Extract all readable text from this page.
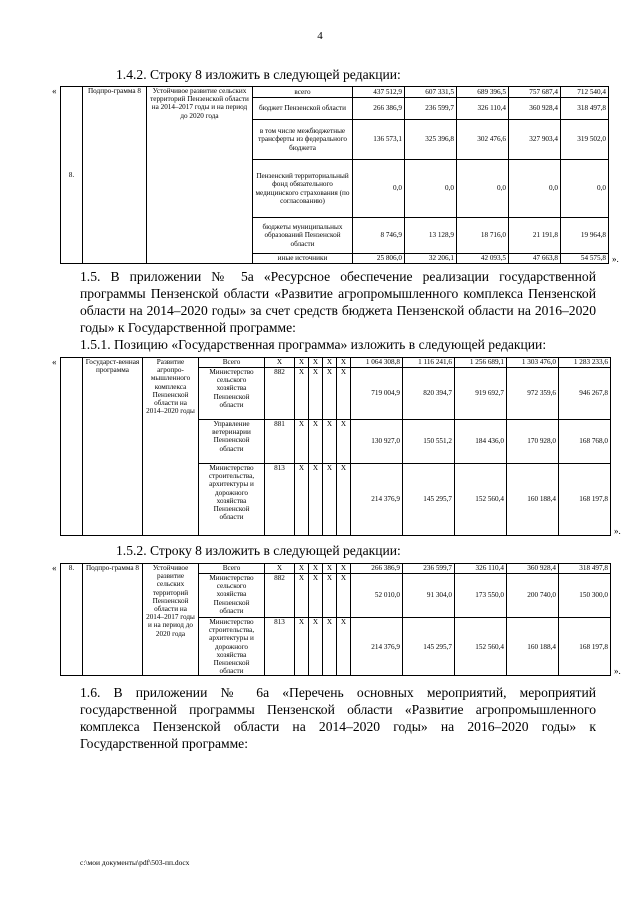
4
1.4.2. Строку 8 изложить в следующей редакции:
«
8.	Подпро-грамма 8	Устойчивое развитие сельских территорий Пензенской области на 2014–2017 годы и на период до 2020 года	всего	437 512,9	607 331,5	689 396,5	757 687,4	712 540,4
			бюджет Пензенской области	266 386,9	236 599,7	326 110,4	360 928,4	318 497,8
			в том числе межбюджетные трансферты из федерального бюджета	136 573,1	325 396,8	302 476,6	327 903,4	319 502,0
			Пензенский территориальный фонд обязательного медицинского страхования (по согласованию)	0,0	0,0	0,0	0,0	0,0
			бюджеты муниципальных образований Пензенской области	8 746,9	13 128,9	18 716,0	21 191,8	19 964,8
			иные источники	25 806,0	32 206,1	42 093,5	47 663,8	54 575,8 ».
1.5. В приложении № 5а «Ресурсное обеспечение реализации государственной программы Пензенской области «Развитие агропромышленного комплекса Пензенской области на 2014–2020 годы» за счет средств бюджета Пензенской области на 2016–2020 годы» к Государственной программе:
1.5.1. Позицию «Государственная программа» изложить в следующей редакции:
«
		Государст-венная программа	Развитие агропро-мышленного комплекса Пензенской области на 2014–2020 годы	Всего	X	X	X	X	X	1 064 308,8	1 116 241,6	1 256 689,1	1 303 476,0	1 283 233,6
			Министерство сельского хозяйства Пензенской области	882	X	X	X	X	719 004,9	820 394,7	919 692,7	972 359,6	946 267,8
			Управление ветеринарии Пензенской области	881	X	X	X	X	130 927,0	150 551,2	184 436,0	170 928,0	168 768,0
			Министерство строительства, архитектуры и дорожного хозяйства Пензенской области	813	X	X	X	X	214 376,9	145 295,7	152 560,4	160 188,4	168 197,8
».
1.5.2. Строку 8 изложить в следующей редакции:
« 8.	Подпро-грамма 8	Устойчивое развитие сельских территорий Пензенской области на 2014–2017 годы и на период до 2020 года	Всего	X	X	X	X	X	266 386,9	236 599,7	326 110,4	360 928,4	318 497,8
			Министерство сельского хозяйства Пензенской области	882	X	X	X	X	52 010,0	91 304,0	173 550,0	200 740,0	150 300,0
			Министерство строительства, архитектуры и дорожного хозяйства Пензенской области	813	X	X	X	X	214 376,9	145 295,7	152 560,4	160 188,4	168 197,8
».
1.6. В приложении № 6а «Перечень основных мероприятий, мероприятий государственной программы Пензенской области «Развитие агропромышленного комплекса Пензенской области на 2014–2020 годы» на 2016–2020 годы» к Государственной программе:
c:\мои документы\рdf\503-пп.docx
